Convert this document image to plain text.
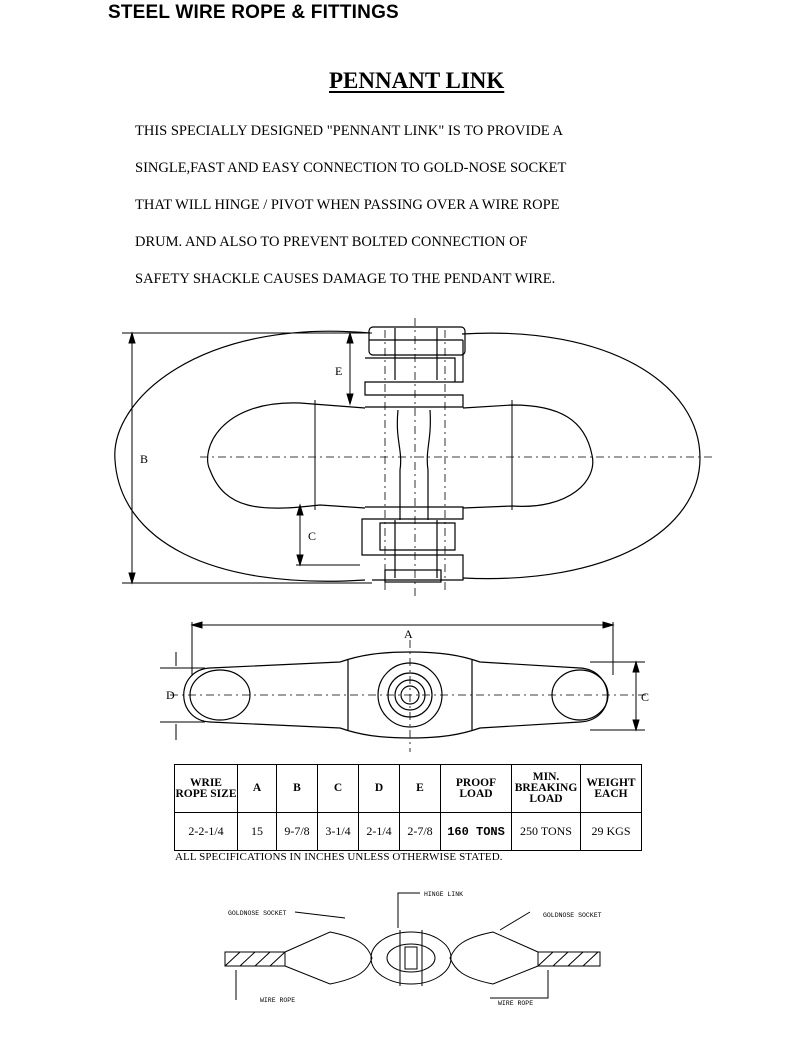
STEEL WIRE ROPE & FITTINGS
PENNANT LINK
THIS SPECIALLY DESIGNED "PENNANT LINK" IS TO PROVIDE A
SINGLE,FAST AND EASY CONNECTION TO GOLD-NOSE SOCKET
THAT WILL HINGE / PIVOT WHEN PASSING OVER A WIRE ROPE
DRUM. AND ALSO TO PREVENT BOLTED CONNECTION OF
SAFETY SHACKLE CAUSES DAMAGE TO THE PENDANT WIRE.
B
E
C
A
D	C
HINGE LINK
GOLDNOSE SOCKET	GOLDNOSE SOCKET
WIRE ROPE	WIRE ROPE
WRIE ROPE SIZE	A	B	C	D	E	PROOF LOAD	MIN. BREAKING LOAD	WEIGHT EACH
2-2-1/4	15	9-7/8	3-1/4	2-1/4	2-7/8	160 TONS	250 TONS	29 KGS
ALL SPECIFICATIONS IN INCHES UNLESS OTHERWISE STATED.
